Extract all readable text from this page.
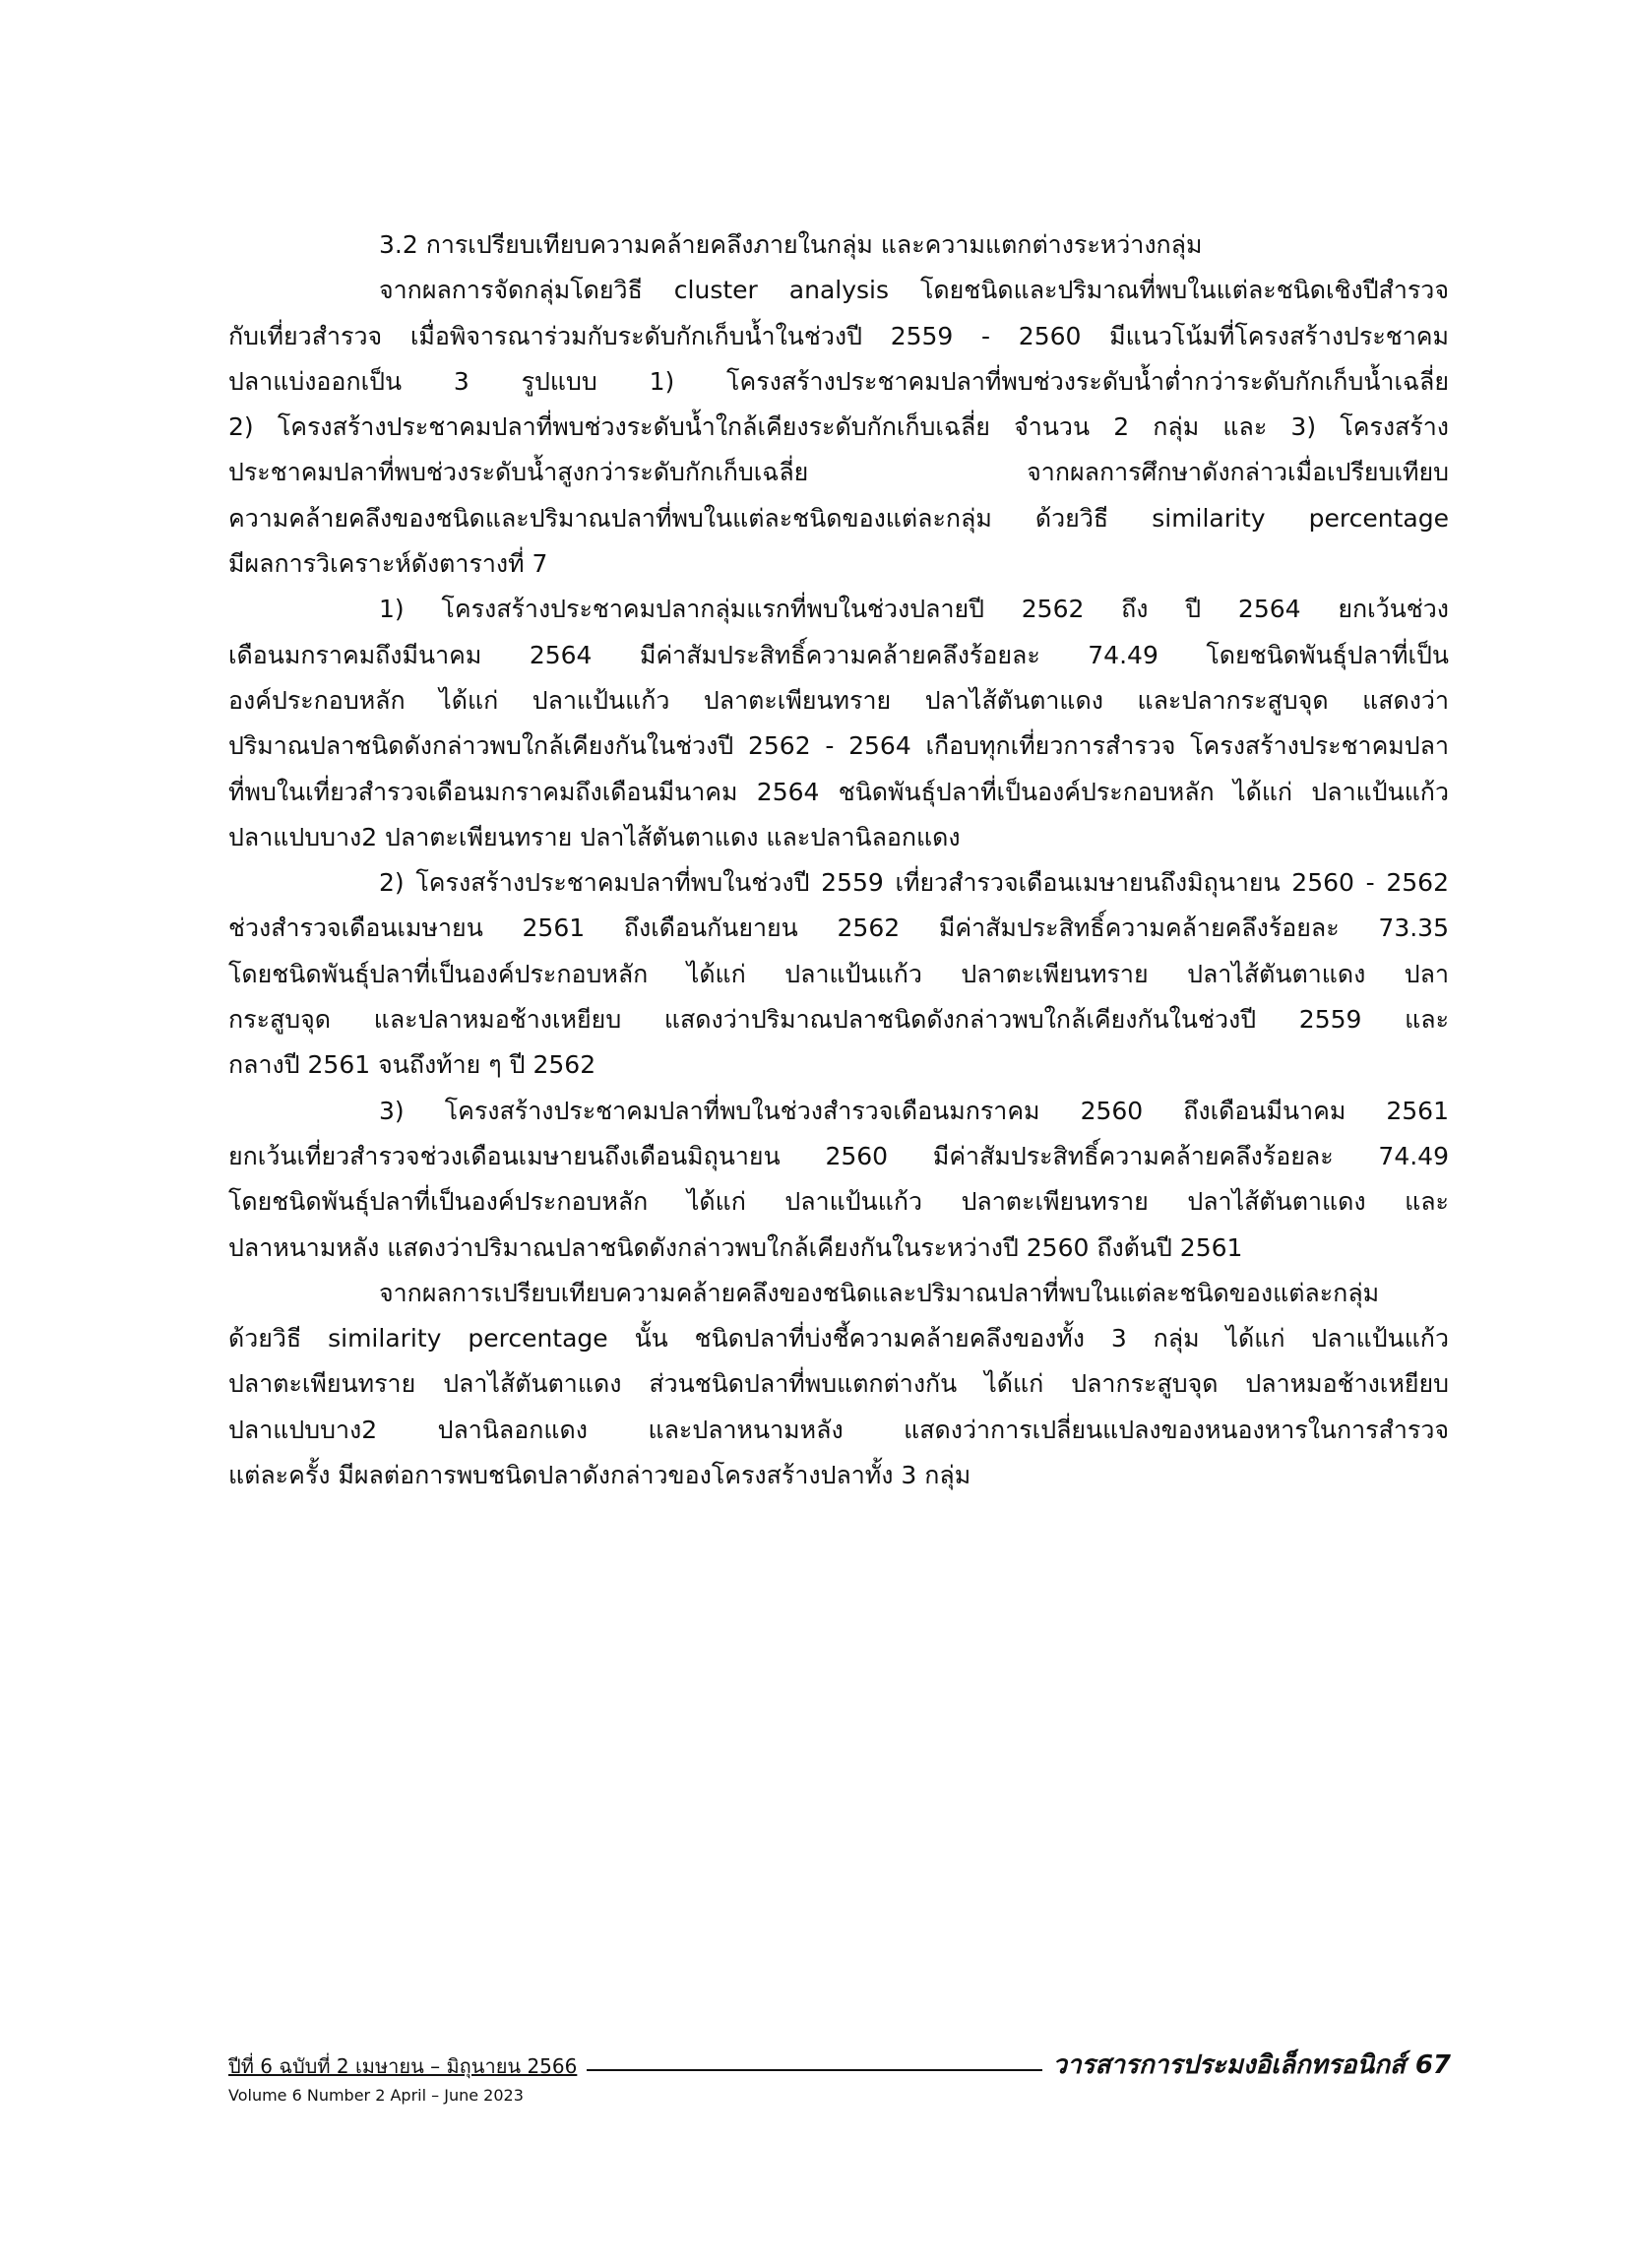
3.2 การเปรียบเทียบความคล้ายคลึงภายในกลุ่ม และความแตกต่างระหว่างกลุ่ม
จากผลการจัดกลุ่มโดยวิธี cluster analysis โดยชนิดและปริมาณที่พบในแต่ละชนิดเชิงปีสำรวจ
กับเที่ยวสำรวจ เมื่อพิจารณาร่วมกับระดับกักเก็บน้ำในช่วงปี 2559 - 2560 มีแนวโน้มที่โครงสร้างประชาคม
ปลาแบ่งออกเป็น 3 รูปแบบ 1) โครงสร้างประชาคมปลาที่พบช่วงระดับน้ำต่ำกว่าระดับกักเก็บน้ำเฉลี่ย
2) โครงสร้างประชาคมปลาที่พบช่วงระดับน้ำใกล้เคียงระดับกักเก็บเฉลี่ย จำนวน 2 กลุ่ม และ 3) โครงสร้าง
ประชาคมปลาที่พบช่วงระดับน้ำสูงกว่าระดับกักเก็บเฉลี่ย จากผลการศึกษาดังกล่าวเมื่อเปรียบเทียบ
ความคล้ายคลึงของชนิดและปริมาณปลาที่พบในแต่ละชนิดของแต่ละกลุ่ม ด้วยวิธี similarity percentage
มีผลการวิเคราะห์ดังตารางที่ 7
1) โครงสร้างประชาคมปลากลุ่มแรกที่พบในช่วงปลายปี 2562 ถึง ปี 2564 ยกเว้นช่วง
เดือนมกราคมถึงมีนาคม 2564 มีค่าสัมประสิทธิ์ความคล้ายคลึงร้อยละ 74.49 โดยชนิดพันธุ์ปลาที่เป็น
องค์ประกอบหลัก ได้แก่ ปลาแป้นแก้ว ปลาตะเพียนทราย ปลาไส้ตันตาแดง และปลากระสูบจุด แสดงว่า
ปริมาณปลาชนิดดังกล่าวพบใกล้เคียงกันในช่วงปี 2562 - 2564 เกือบทุกเที่ยวการสำรวจ โครงสร้างประชาคมปลา
ที่พบในเที่ยวสำรวจเดือนมกราคมถึงเดือนมีนาคม 2564 ชนิดพันธุ์ปลาที่เป็นองค์ประกอบหลัก ได้แก่ ปลาแป้นแก้ว
ปลาแปบบาง2 ปลาตะเพียนทราย ปลาไส้ตันตาแดง และปลานิลอกแดง
2) โครงสร้างประชาคมปลาที่พบในช่วงปี 2559 เที่ยวสำรวจเดือนเมษายนถึงมิถุนายน 2560 - 2562
ช่วงสำรวจเดือนเมษายน 2561 ถึงเดือนกันยายน 2562 มีค่าสัมประสิทธิ์ความคล้ายคลึงร้อยละ 73.35
โดยชนิดพันธุ์ปลาที่เป็นองค์ประกอบหลัก ได้แก่ ปลาแป้นแก้ว ปลาตะเพียนทราย ปลาไส้ตันตาแดง ปลา
กระสูบจุด และปลาหมอช้างเหยียบ แสดงว่าปริมาณปลาชนิดดังกล่าวพบใกล้เคียงกันในช่วงปี 2559 และ
กลางปี 2561 จนถึงท้าย ๆ ปี 2562
3) โครงสร้างประชาคมปลาที่พบในช่วงสำรวจเดือนมกราคม 2560 ถึงเดือนมีนาคม 2561
ยกเว้นเที่ยวสำรวจช่วงเดือนเมษายนถึงเดือนมิถุนายน 2560 มีค่าสัมประสิทธิ์ความคล้ายคลึงร้อยละ 74.49
โดยชนิดพันธุ์ปลาที่เป็นองค์ประกอบหลัก ได้แก่ ปลาแป้นแก้ว ปลาตะเพียนทราย ปลาไส้ตันตาแดง และ
ปลาหนามหลัง แสดงว่าปริมาณปลาชนิดดังกล่าวพบใกล้เคียงกันในระหว่างปี 2560 ถึงต้นปี 2561
จากผลการเปรียบเทียบความคล้ายคลึงของชนิดและปริมาณปลาที่พบในแต่ละชนิดของแต่ละกลุ่ม
ด้วยวิธี similarity percentage นั้น ชนิดปลาที่บ่งชี้ความคล้ายคลึงของทั้ง 3 กลุ่ม ได้แก่ ปลาแป้นแก้ว
ปลาตะเพียนทราย ปลาไส้ตันตาแดง ส่วนชนิดปลาที่พบแตกต่างกัน ได้แก่ ปลากระสูบจุด ปลาหมอช้างเหยียบ
ปลาแปบบาง2 ปลานิลอกแดง และปลาหนามหลัง แสดงว่าการเปลี่ยนแปลงของหนองหารในการสำรวจ
แต่ละครั้ง มีผลต่อการพบชนิดปลาดังกล่าวของโครงสร้างปลาทั้ง 3 กลุ่ม
ปีที่ 6 ฉบับที่ 2 เมษายน – มิถุนายน 2566	วารสารการประมงอิเล็กทรอนิกส์ 67
Volume 6 Number 2 April – June 2023
